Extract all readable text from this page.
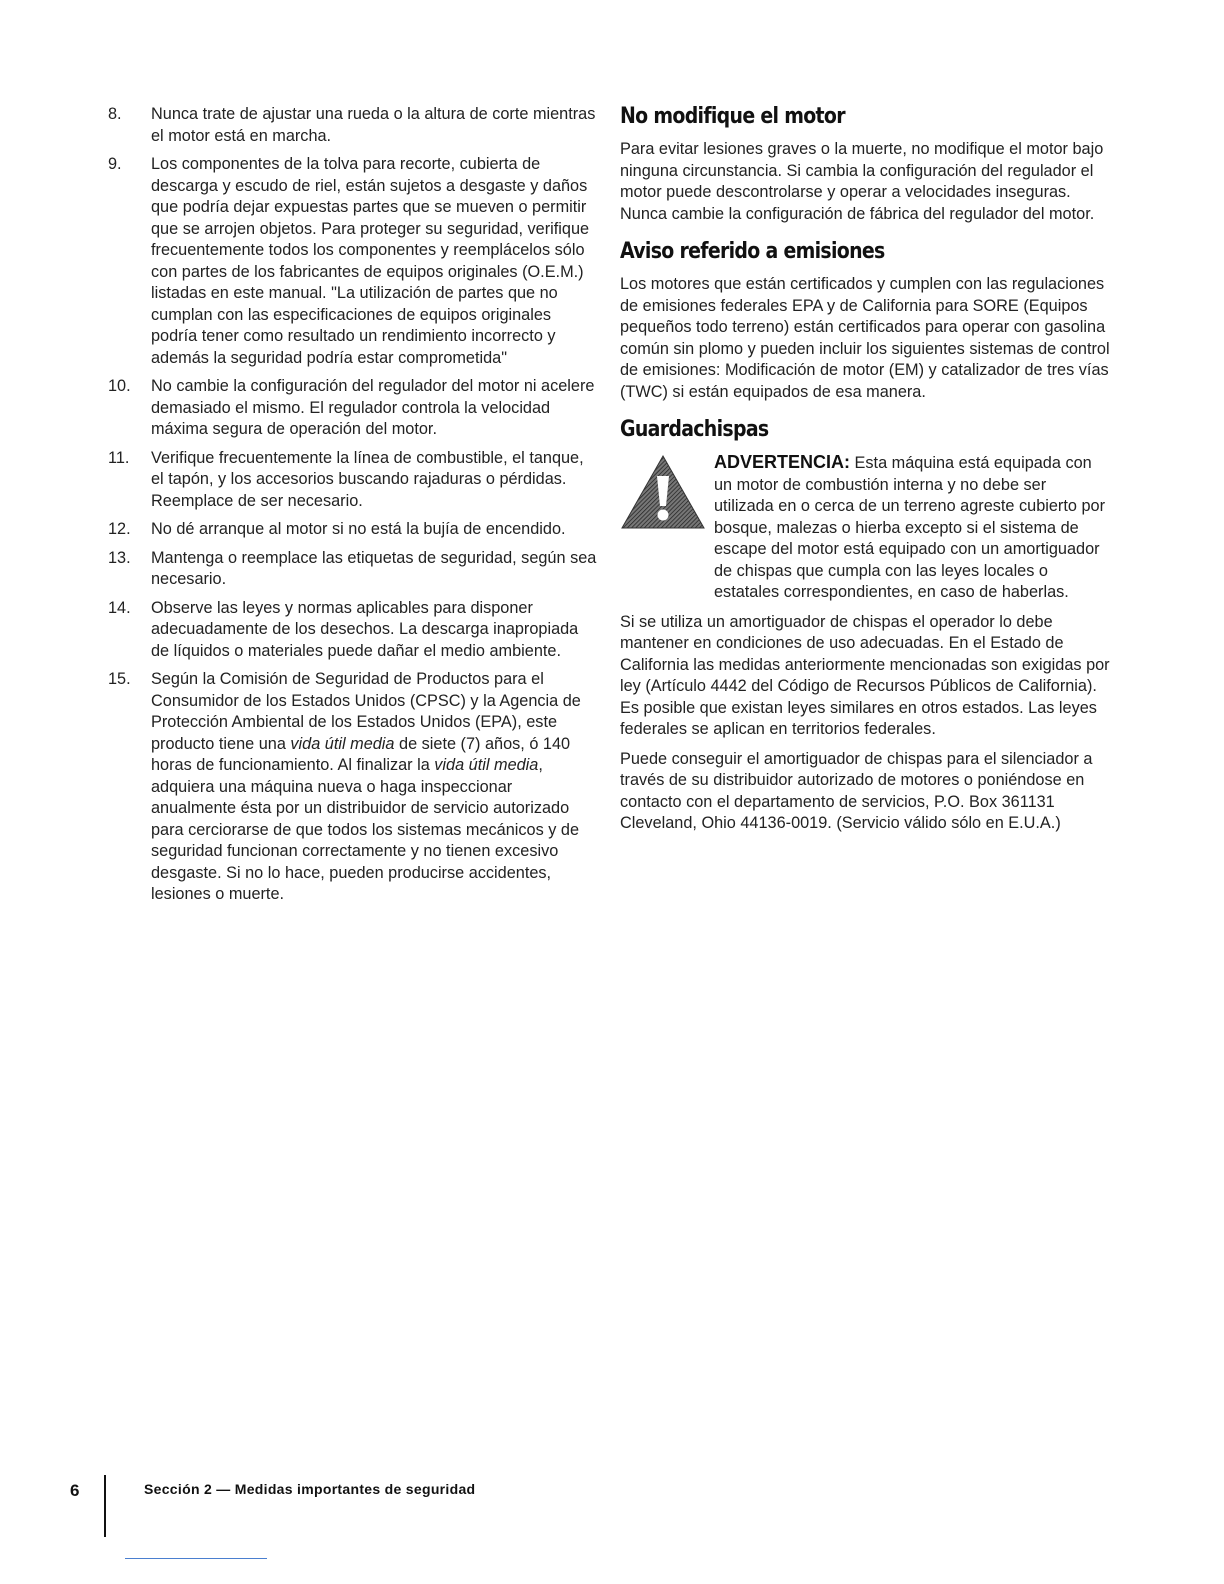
8. Nunca trate de ajustar una rueda o la altura de corte mientras el motor está en marcha.
9. Los componentes de la tolva para recorte, cubierta de descarga y escudo de riel, están sujetos a desgaste y daños que podría dejar expuestas partes que se mueven o permitir que se arrojen objetos. Para proteger su seguridad, verifique frecuentemente todos los componentes y reemplácelos sólo con partes de los fabricantes de equipos originales (O.E.M.) listadas en este manual. "La utilización de partes que no cumplan con las especificaciones de equipos originales podría tener como resultado un rendimiento incorrecto y además la seguridad podría estar comprometida"
10. No cambie la configuración del regulador del motor ni acelere demasiado el mismo. El regulador controla la velocidad máxima segura de operación del motor.
11. Verifique frecuentemente la línea de combustible, el tanque, el tapón, y los accesorios buscando rajaduras o pérdidas. Reemplace de ser necesario.
12. No dé arranque al motor si no está la bujía de encendido.
13. Mantenga o reemplace las etiquetas de seguridad, según sea necesario.
14. Observe las leyes y normas aplicables para disponer adecuadamente de los desechos. La descarga inapropiada de líquidos o materiales puede dañar el medio ambiente.
15. Según la Comisión de Seguridad de Productos para el Consumidor de los Estados Unidos (CPSC) y la Agencia de Protección Ambiental de los Estados Unidos (EPA), este producto tiene una vida útil media de siete (7) años, ó 140 horas de funcionamiento. Al finalizar la vida útil media, adquiera una máquina nueva o haga inspeccionar anualmente ésta por un distribuidor de servicio autorizado para cerciorarse de que todos los sistemas mecánicos y de seguridad funcionan correctamente y no tienen excesivo desgaste. Si no lo hace, pueden producirse accidentes, lesiones o muerte.
No modifique el motor

Para evitar lesiones graves o la muerte, no modifique el motor bajo ninguna circunstancia. Si cambia la configuración del regulador el motor puede descontrolarse y operar a velocidades inseguras. Nunca cambie la configuración de fábrica del regulador del motor.

Aviso referido a emisiones

Los motores que están certificados y cumplen con las regulaciones de emisiones federales EPA y de California para SORE (Equipos pequeños todo terreno) están certificados para operar con gasolina común sin plomo y pueden incluir los siguientes sistemas de control de emisiones: Modificación de motor (EM) y catalizador de tres vías (TWC) si están equipados de esa manera.

Guardachispas
ADVERTENCIA: Esta máquina está equipada con un motor de combustión interna y no debe ser utilizada en o cerca de un terreno agreste cubierto por bosque, malezas o hierba excepto si el sistema de escape del motor está equipado con un amortiguador de chispas que cumpla con las leyes locales o estatales correspondientes, en caso de haberlas.

Si se utiliza un amortiguador de chispas el operador lo debe mantener en condiciones de uso adecuadas. En el Estado de California las medidas anteriormente mencionadas son exigidas por ley (Artículo 4442 del Código de Recursos Públicos de California). Es posible que existan leyes similares en otros estados. Las leyes federales se aplican en territorios federales.

Puede conseguir el amortiguador de chispas para el silenciador a través de su distribuidor autorizado de motores o poniéndose en contacto con el departamento de servicios, P.O. Box 361131 Cleveland, Ohio 44136-0019. (Servicio válido sólo en E.U.A.)

6	Sección 2 — Medidas importantes de seguridad
